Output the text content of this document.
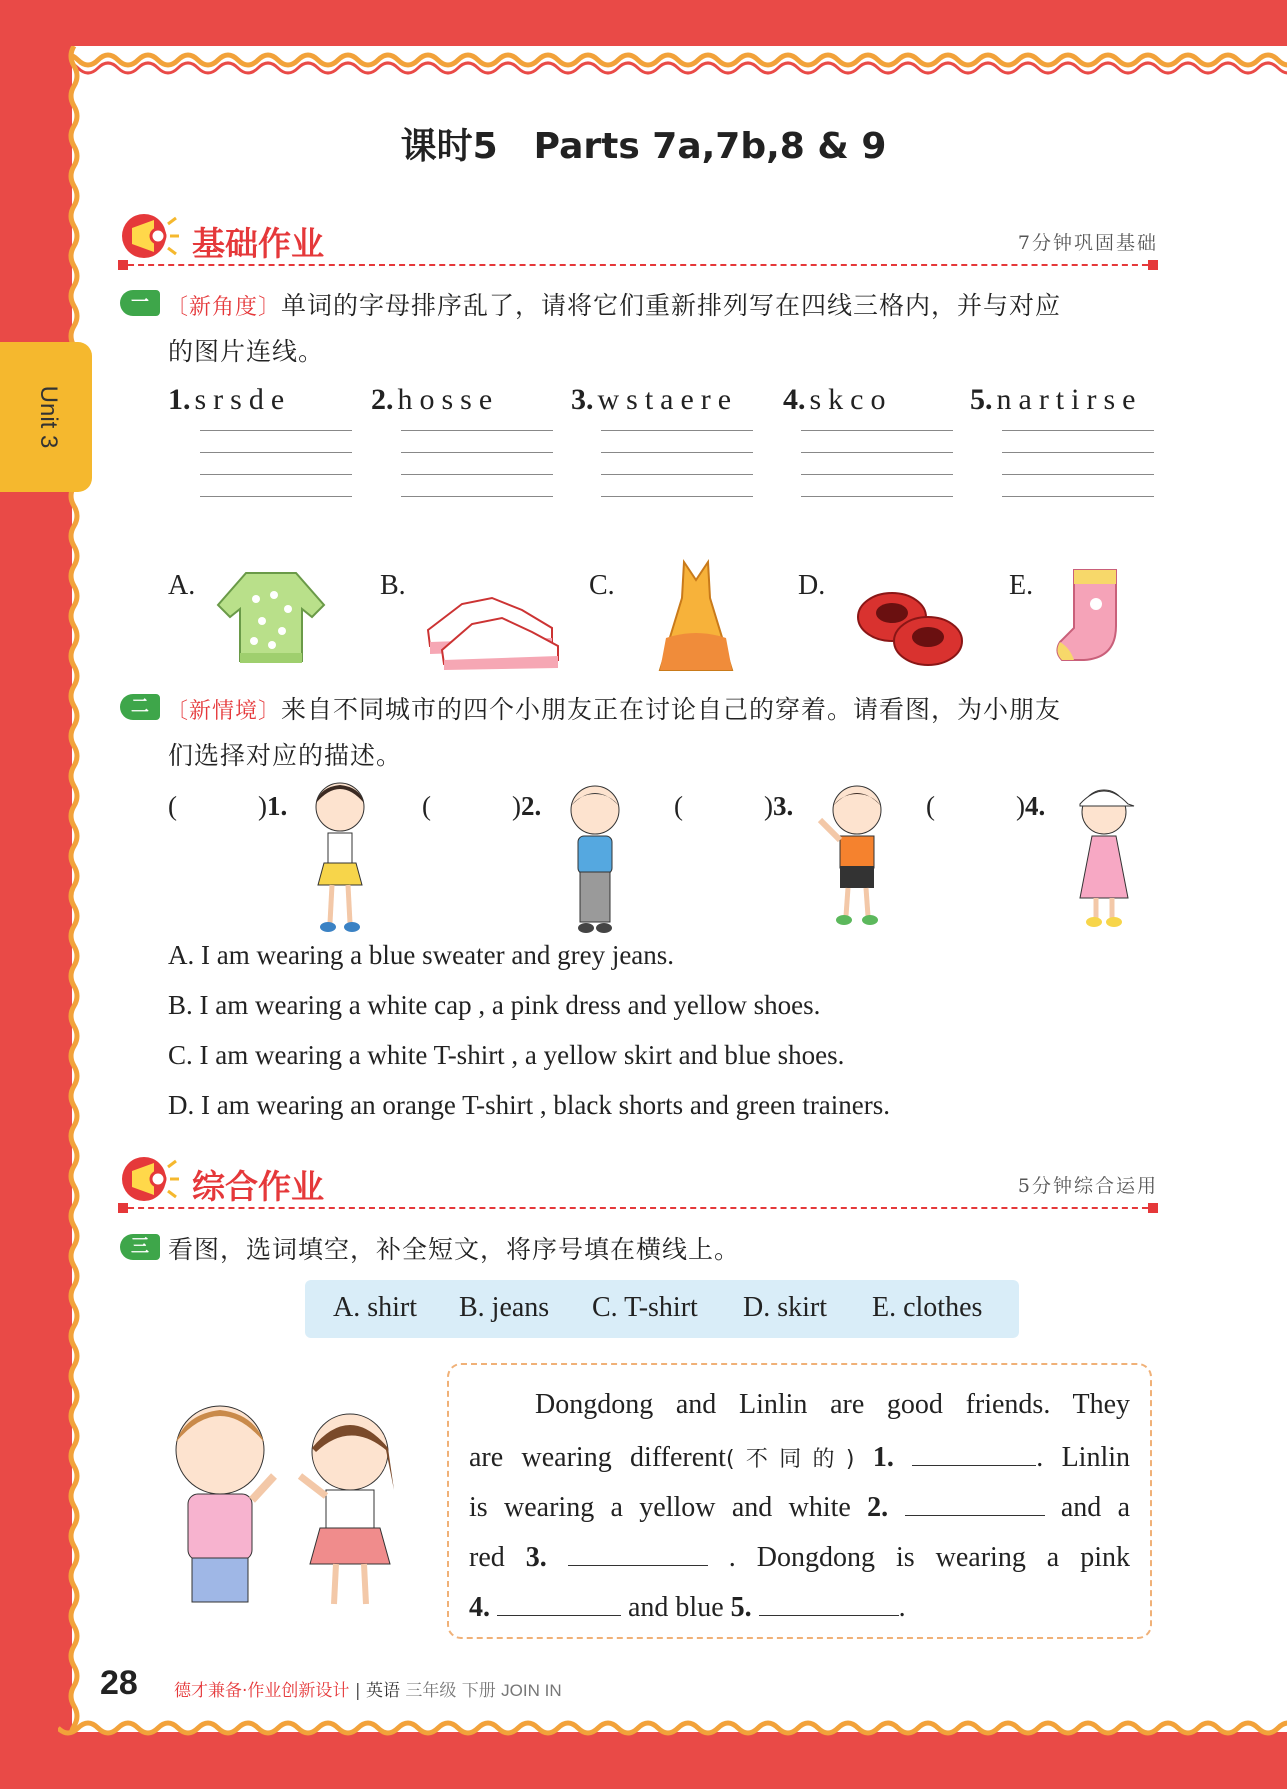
Unit 3
课时5　Parts 7a,7b,8 & 9
基础作业	7分钟巩固基础
一 〔新角度〕单词的字母排序乱了，请将它们重新排列写在四线三格内，并与对应
的图片连线。
1. srsde	2. hosse 3. wstaere 4. skco	5. nartirse
A.	B.	C.	D.	E.
二 〔新情境〕来自不同城市的四个小朋友正在讨论自己的穿着。请看图，为小朋友
们选择对应的描述。
(　　　)1.	(　　　)2.	(　　　)3.	(　　　)4.
A. I am wearing a blue sweater and grey jeans.
B. I am wearing a white cap , a pink dress and yellow shoes.
C. I am wearing a white T-shirt , a yellow skirt and blue shoes.
D. I am wearing an orange T-shirt , black shorts and green trainers.
综合作业	5分钟综合运用
三 看图，选词填空，补全短文，将序号填在横线上。
A. shirt B. jeans C. T-shirt D. skirt E. clothes
Dongdong and Linlin are good friends. They
are wearing different(不同的) 1.	. Linlin
is wearing a yellow and white 2.	and a
red 3.	. Dongdong is wearing a pink
4.	and blue 5.	.
28 德才兼备·作业创新设计 | 英语 三年级 下册 JOIN IN
